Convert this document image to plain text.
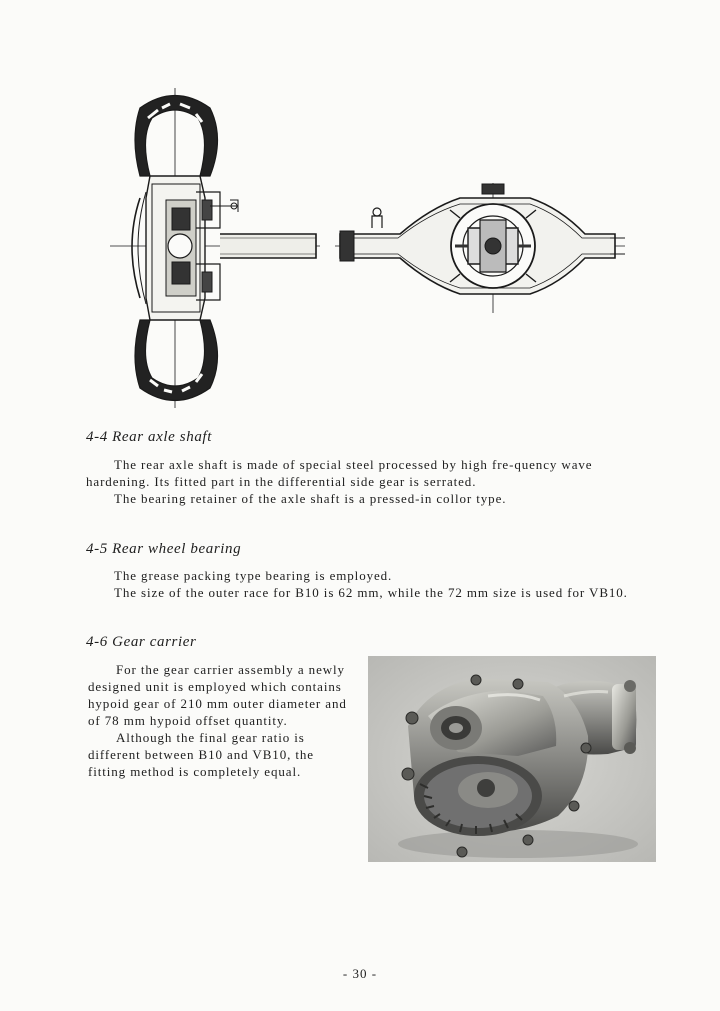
4-4 Rear axle shaft

The rear axle shaft is made of special steel processed by high fre-quency wave hardening. Its fitted part in the differential side gear is serrated.

The bearing retainer of the axle shaft is a pressed-in collor type.

4-5 Rear wheel bearing

The grease packing type bearing is employed.

The size of the outer race for B10 is 62 mm, while the 72 mm size is used for VB10.

4-6 Gear carrier

For the gear carrier assembly a newly designed unit is employed which contains hypoid gear of 210 mm outer diameter and of 78 mm hypoid offset quantity.

Although the final gear ratio is different between B10 and VB10, the fitting method is completely equal.

- 30 -
